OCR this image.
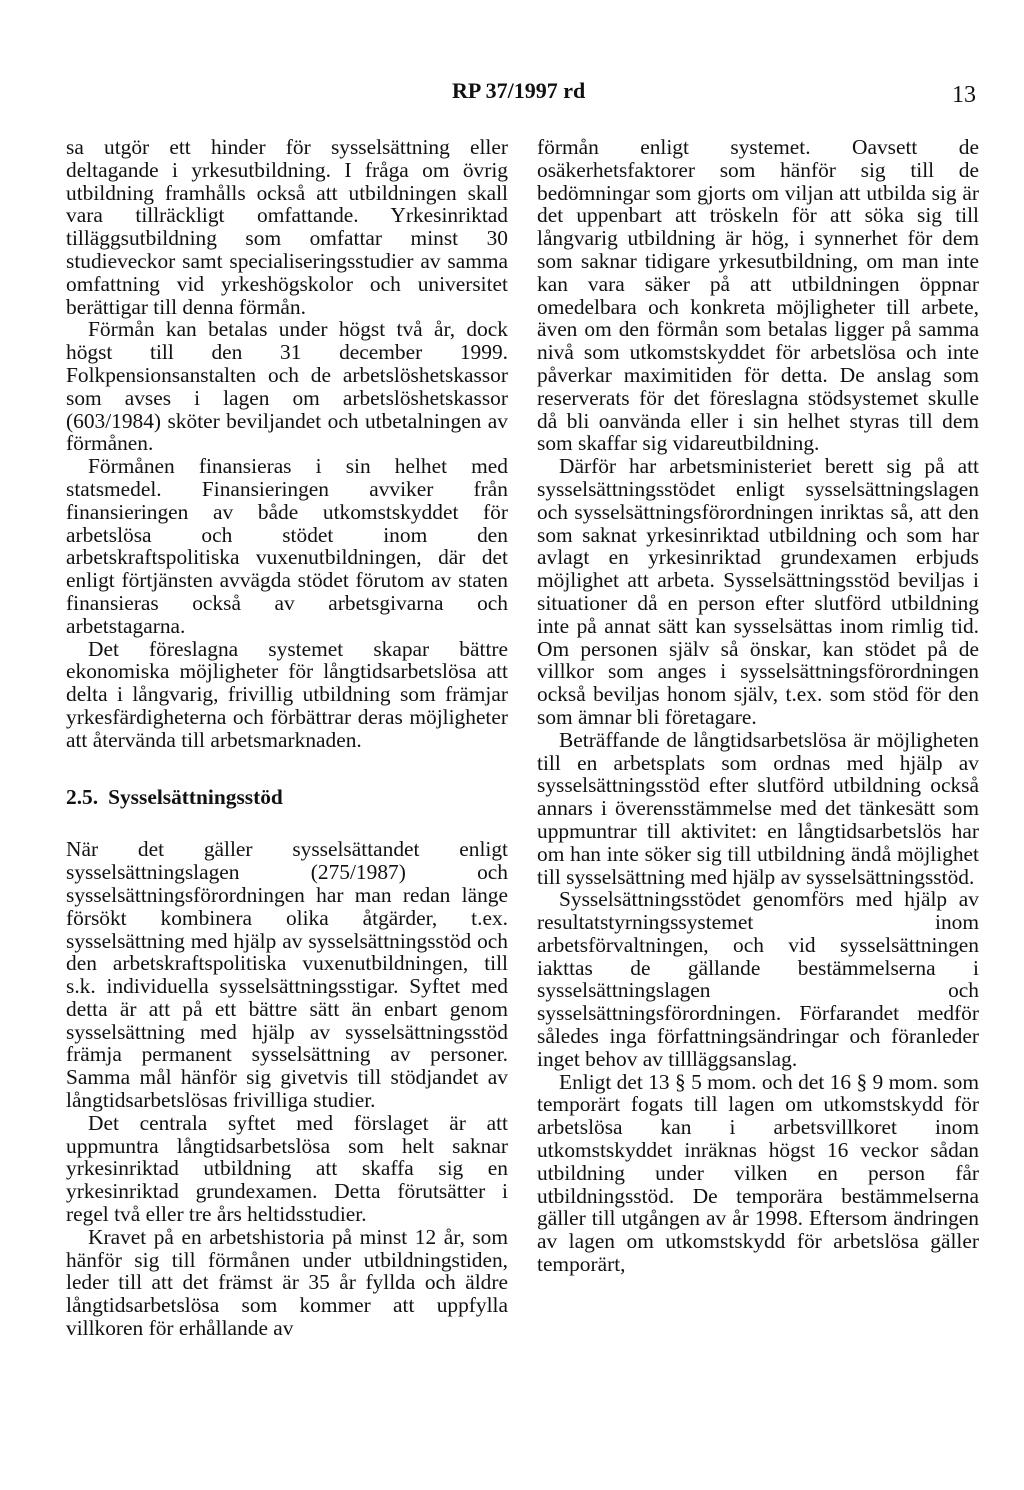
RP 37/1997 rd	13

sa utgör ett hinder för sysselsättning eller deltagande i yrkesutbildning. I fråga om övrig utbildning framhålls också att utbildningen skall vara tillräckligt omfattande. Yrkesinriktad tilläggsutbildning som omfattar minst 30 studieveckor samt specialiseringsstudier av samma omfattning vid yrkeshögskolor och universitet berättigar till denna förmån.

Förmån kan betalas under högst två år, dock högst till den 31 december 1999. Folkpensionsanstalten och de arbetslöshetskassor som avses i lagen om arbetslöshetskassor (603/1984) sköter beviljandet och utbetalningen av förmånen.

Förmånen finansieras i sin helhet med statsmedel. Finansieringen avviker från finansieringen av både utkomstskyddet för arbetslösa och stödet inom den arbetskraftspolitiska vuxenutbildningen, där det enligt förtjänsten avvägda stödet förutom av staten finansieras också av arbetsgivarna och arbetstagarna.

Det föreslagna systemet skapar bättre ekonomiska möjligheter för långtidsarbetslösa att delta i långvarig, frivillig utbildning som främjar yrkesfärdigheterna och förbättrar deras möjligheter att återvända till arbetsmarknaden.

2.5. Sysselsättningsstöd

När det gäller sysselsättandet enligt sysselsättningslagen (275/1987) och sysselsättningsförordningen har man redan länge försökt kombinera olika åtgärder, t.ex. sysselsättning med hjälp av sysselsättningsstöd och den arbetskraftspolitiska vuxenutbildningen, till s.k. individuella sysselsättningsstigar. Syftet med detta är att på ett bättre sätt än enbart genom sysselsättning med hjälp av sysselsättningsstöd främja permanent sysselsättning av personer. Samma mål hänför sig givetvis till stödjandet av långtidsarbetslösas frivilliga studier.

Det centrala syftet med förslaget är att uppmuntra långtidsarbetslösa som helt saknar yrkesinriktad utbildning att skaffa sig en yrkesinriktad grundexamen. Detta förutsätter i regel två eller tre års heltidsstudier.

Kravet på en arbetshistoria på minst 12 år, som hänför sig till förmånen under utbildningstiden, leder till att det främst är 35 år fyllda och äldre långtidsarbetslösa som kommer att uppfylla villkoren för erhållande av

förmån enligt systemet. Oavsett de osäkerhetsfaktorer som hänför sig till de bedömningar som gjorts om viljan att utbilda sig är det uppenbart att tröskeln för att söka sig till långvarig utbildning är hög, i synnerhet för dem som saknar tidigare yrkesutbildning, om man inte kan vara säker på att utbildningen öppnar omedelbara och konkreta möjligheter till arbete, även om den förmån som betalas ligger på samma nivå som utkomstskyddet för arbetslösa och inte påverkar maximitiden för detta. De anslag som reserverats för det föreslagna stödsystemet skulle då bli oanvända eller i sin helhet styras till dem som skaffar sig vidareutbildning.

Därför har arbetsministeriet berett sig på att sysselsättningsstödet enligt sysselsättningslagen och sysselsättningsförordningen inriktas så, att den som saknat yrkesinriktad utbildning och som har avlagt en yrkesinriktad grundexamen erbjuds möjlighet att arbeta. Sysselsättningsstöd beviljas i situationer då en person efter slutförd utbildning inte på annat sätt kan sysselsättas inom rimlig tid. Om personen själv så önskar, kan stödet på de villkor som anges i sysselsättningsförordningen också beviljas honom själv, t.ex. som stöd för den som ämnar bli företagare.

Beträffande de långtidsarbetslösa är möjligheten till en arbetsplats som ordnas med hjälp av sysselsättningsstöd efter slutförd utbildning också annars i överensstämmelse med det tänkesätt som uppmuntrar till aktivitet: en långtidsarbetslös har om han inte söker sig till utbildning ändå möjlighet till sysselsättning med hjälp av sysselsättningsstöd.

Sysselsättningsstödet genomförs med hjälp av resultatstyrningssystemet inom arbetsförvaltningen, och vid sysselsättningen iakttas de gällande bestämmelserna i sysselsättningslagen och sysselsättningsförordningen. Förfarandet medför således inga författningsändringar och föranleder inget behov av tillläggsanslag.

Enligt det 13 § 5 mom. och det 16 § 9 mom. som temporärt fogats till lagen om utkomstskydd för arbetslösa kan i arbetsvillkoret inom utkomstskyddet inräknas högst 16 veckor sådan utbildning under vilken en person får utbildningsstöd. De temporära bestämmelserna gäller till utgången av år 1998. Eftersom ändringen av lagen om utkomstskydd för arbetslösa gäller temporärt,
